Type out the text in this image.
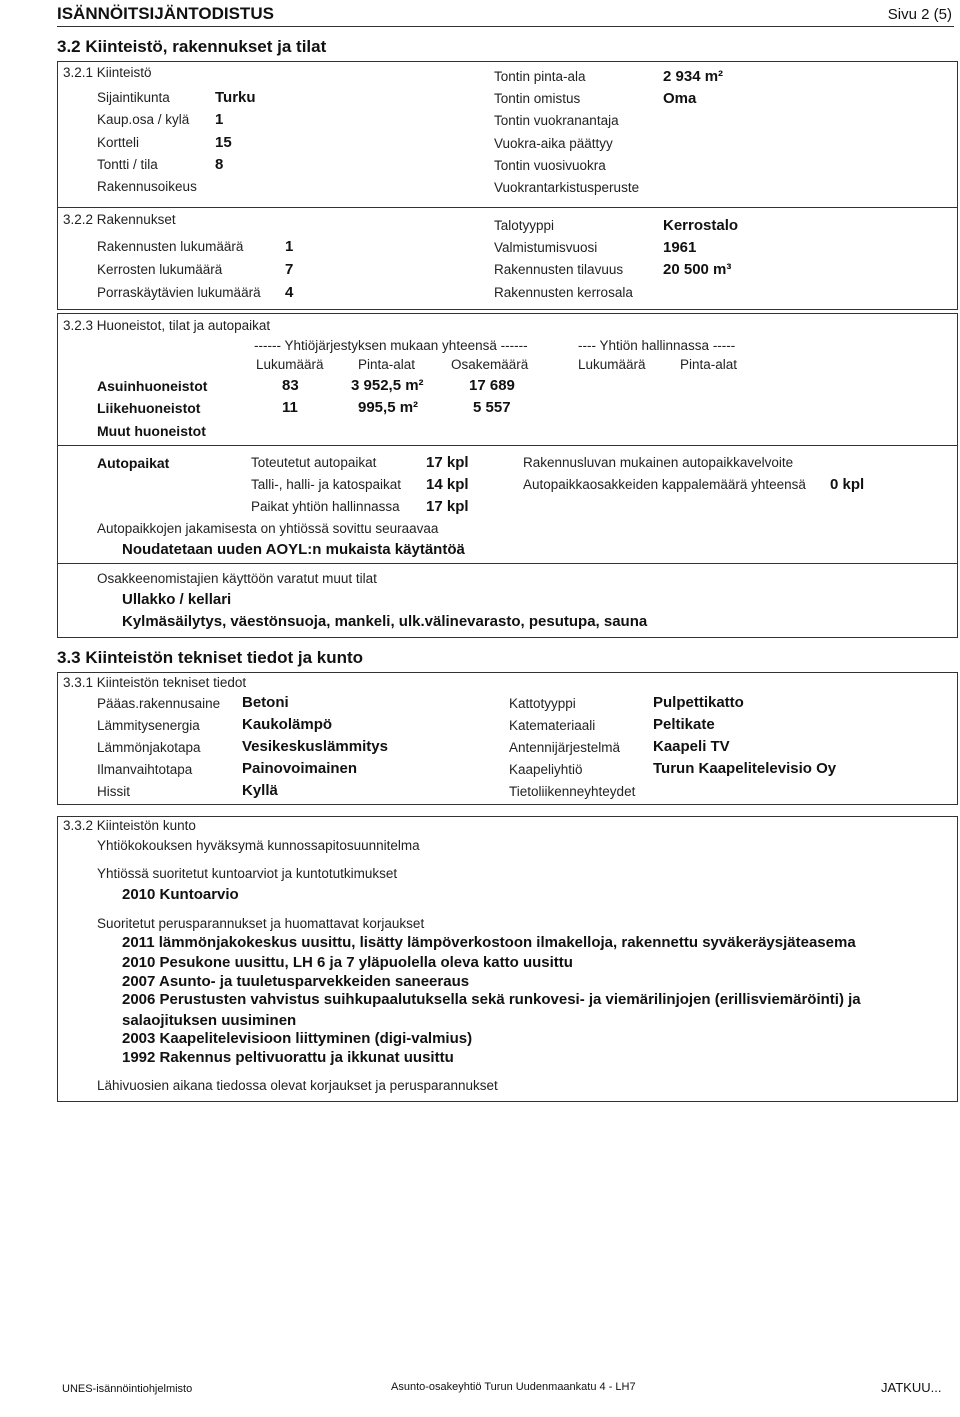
ISÄNNÖITSIJÄNTODISTUS	Sivu 2 (5)
3.2 Kiinteistö, rakennukset ja tilat
3.2.1 Kiinteistö
Sijaintikunta	Turku
Kaup.osa / kylä 1
Kortteli	15
Tontti / tila	8
Rakennusoikeus
Tontin pinta-ala	2 934 m²
Tontin omistus	Oma
Tontin vuokranantaja
Vuokra-aika päättyy
Tontin vuosivuokra
Vuokrantarkistusperuste
3.2.2 Rakennukset
Rakennusten lukumäärä	1
Kerrosten lukumäärä	7
Porraskäytävien lukumäärä 4
Talotyyppi	Kerrostalo
Valmistumisvuosi	1961
Rakennusten tilavuus	20 500 m³
Rakennusten kerrosala
3.2.3 Huoneistot, tilat ja autopaikat
------ Yhtiöjärjestyksen mukaan yhteensä ------	---- Yhtiön hallinnassa -----
Lukumäärä	Pinta-alat	Osakemäärä	Lukumäärä	Pinta-alat
Asuinhuoneistot	83	3 952,5 m²	17 689
Liikehuoneistot	11	995,5 m²	5 557
Muut huoneistot
Autopaikat	Toteutetut autopaikat	17 kpl
Talli-, halli- ja katospaikat 14 kpl
Paikat yhtiön hallinnassa 17 kpl
Rakennusluvan mukainen autopaikkavelvoite
Autopaikkaosakkeiden kappalemäärä yhteensä 0 kpl
Autopaikkojen jakamisesta on yhtiössä sovittu seuraavaa
Noudatetaan uuden AOYL:n mukaista käytäntöä
Osakkeenomistajien käyttöön varatut muut tilat
Ullakko / kellari
Kylmäsäilytys, väestönsuoja, mankeli, ulk.välinevarasto, pesutupa, sauna
3.3 Kiinteistön tekniset tiedot ja kunto
3.3.1 Kiinteistön tekniset tiedot
Pääas.rakennusaine Betoni
Lämmitysenergia	Kaukolämpö
Lämmönjakotapa	Vesikeskuslämmitys
Ilmanvaihtotapa	Painovoimainen
Hissit	Kyllä
Kattotyyppi	Pulpettikatto
Katemateriaali	Peltikate
Antennijärjestelmä Kaapeli TV
Kaapeliyhtiö	Turun Kaapelitelevisio Oy
Tietoliikenneyhteydet
3.3.2 Kiinteistön kunto
Yhtiökokouksen hyväksymä kunnossapitosuunnitelma
Yhtiössä suoritetut kuntoarviot ja kuntotutkimukset
2010 Kuntoarvio
Suoritetut perusparannukset ja huomattavat korjaukset
2011 lämmönjakokeskus uusittu, lisätty lämpöverkostoon ilmakelloja, rakennettu syväkeräysjäteasema
2010 Pesukone uusittu, LH 6 ja 7 yläpuolella oleva katto uusittu
2007 Asunto- ja tuuletusparvekkeiden saneeraus
2006 Perustusten vahvistus suihkupaalutuksella sekä runkovesi- ja viemärilinjojen (erillisviemäröinti) ja
salaojituksen uusiminen
2003 Kaapelitelevisioon liittyminen (digi-valmius)
1992 Rakennus peltivuorattu ja ikkunat uusittu
Lähivuosien aikana tiedossa olevat korjaukset ja perusparannukset
UNES-isännöintiohjelmisto	Asunto-osakeyhtiö Turun Uudenmaankatu 4 - LH7	JATKUU...
